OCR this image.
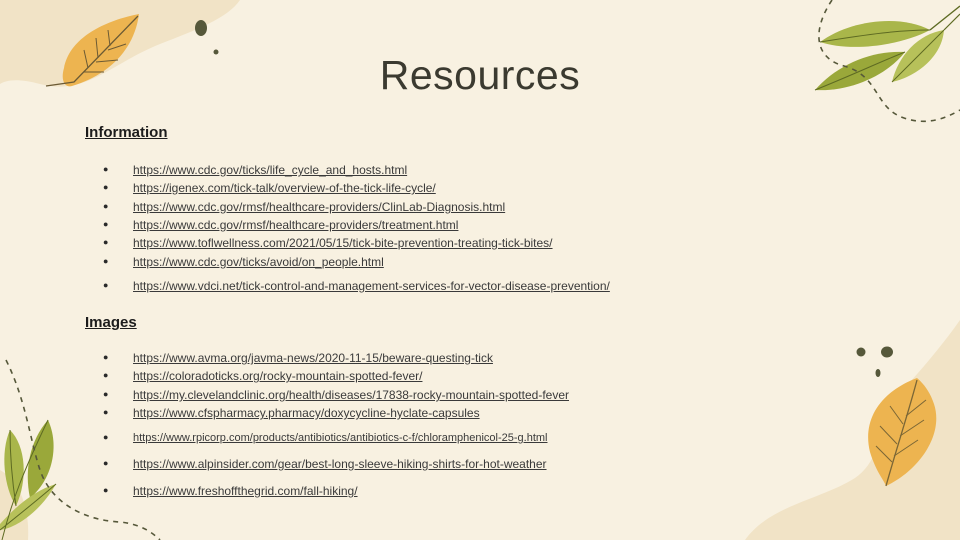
Resources
Information
● https://www.cdc.gov/ticks/life_cycle_and_hosts.html
● https://igenex.com/tick-talk/overview-of-the-tick-life-cycle/
● https://www.cdc.gov/rmsf/healthcare-providers/ClinLab-Diagnosis.html
● https://www.cdc.gov/rmsf/healthcare-providers/treatment.html
● https://www.toflwellness.com/2021/05/15/tick-bite-prevention-treating-tick-bites/
● https://www.cdc.gov/ticks/avoid/on_people.html
● https://www.vdci.net/tick-control-and-management-services-for-vector-disease-prevention/
Images
● https://www.avma.org/javma-news/2020-11-15/beware-questing-tick
● https://coloradoticks.org/rocky-mountain-spotted-fever/
● https://my.clevelandclinic.org/health/diseases/17838-rocky-mountain-spotted-fever
● https://www.cfspharmacy.pharmacy/doxycycline-hyclate-capsules
● https://www.rpicorp.com/products/antibiotics/antibiotics-c-f/chloramphenicol-25-g.html
● https://www.alpinsider.com/gear/best-long-sleeve-hiking-shirts-for-hot-weather
● https://www.freshoffthegrid.com/fall-hiking/
